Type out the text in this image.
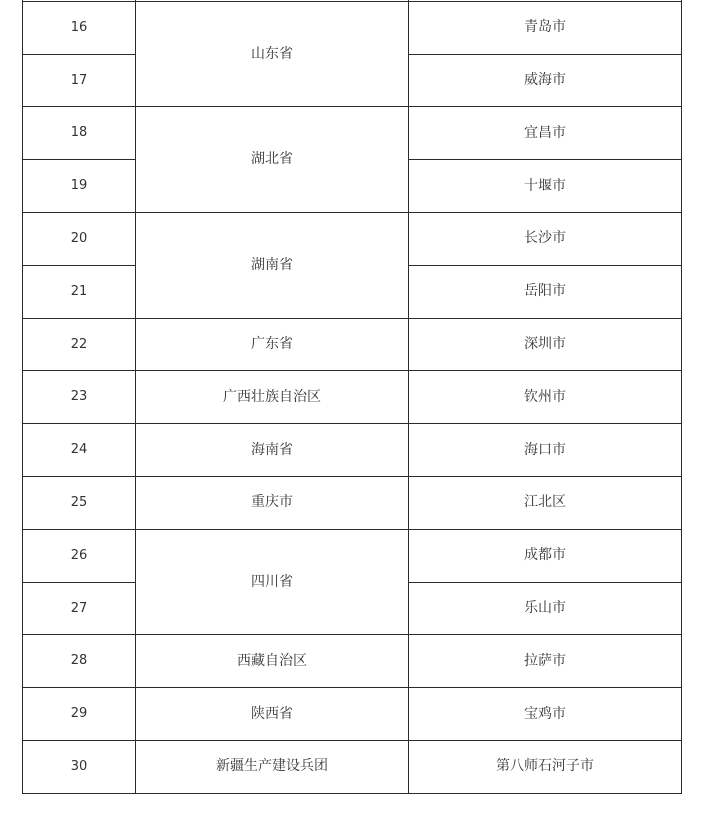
16	山东省	青岛市
17		威海市
18	湖北省	宜昌市
19		十堰市
20	湖南省	长沙市
21		岳阳市
22	广东省	深圳市
23	广西壮族自治区	钦州市
24	海南省	海口市
25	重庆市	江北区
26	四川省	成都市
27		乐山市
28	西藏自治区	拉萨市
29	陕西省	宝鸡市
30	新疆生产建设兵团	第八师石河子市
